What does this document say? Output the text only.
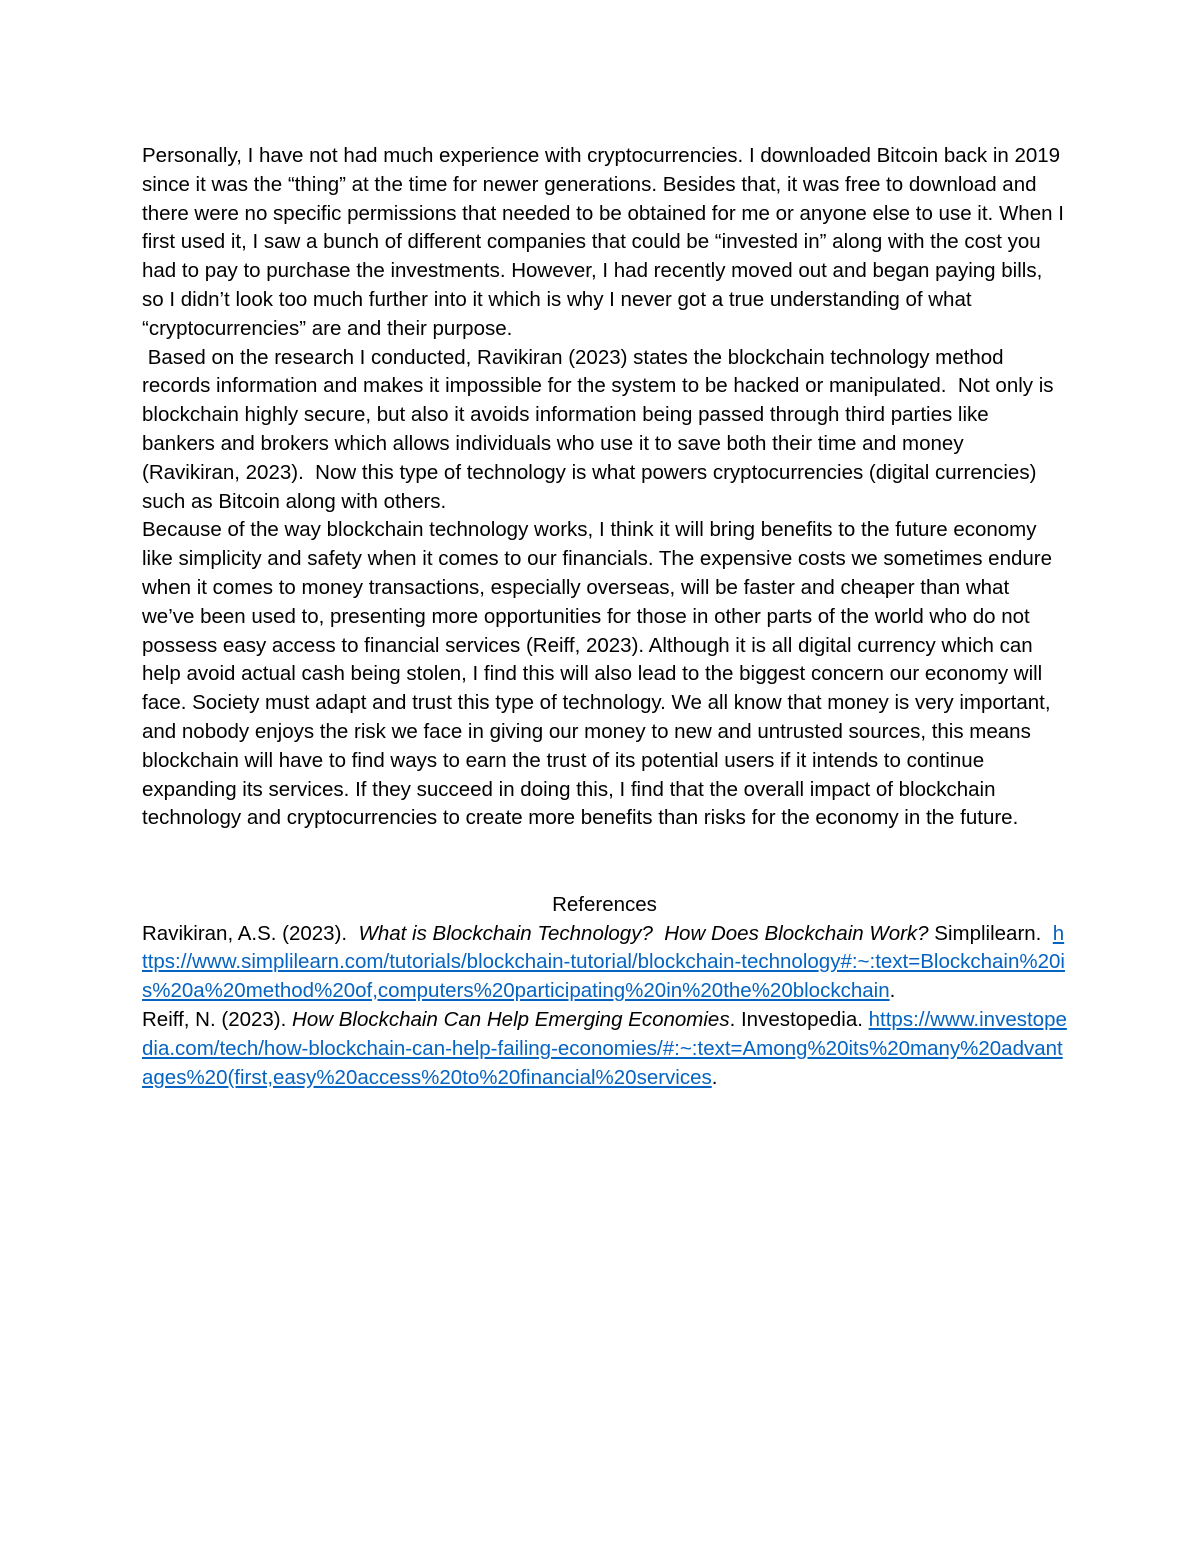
Personally, I have not had much experience with cryptocurrencies. I downloaded Bitcoin back in 2019 since it was the “thing” at the time for newer generations. Besides that, it was free to download and there were no specific permissions that needed to be obtained for me or anyone else to use it. When I first used it, I saw a bunch of different companies that could be “invested in” along with the cost you had to pay to purchase the investments. However, I had recently moved out and began paying bills, so I didn’t look too much further into it which is why I never got a true understanding of what “cryptocurrencies” are and their purpose.

Based on the research I conducted, Ravikiran (2023) states the blockchain technology method records information and makes it impossible for the system to be hacked or manipulated.  Not only is blockchain highly secure, but also it avoids information being passed through third parties like bankers and brokers which allows individuals who use it to save both their time and money (Ravikiran, 2023).  Now this type of technology is what powers cryptocurrencies (digital currencies) such as Bitcoin along with others.

Because of the way blockchain technology works, I think it will bring benefits to the future economy like simplicity and safety when it comes to our financials. The expensive costs we sometimes endure when it comes to money transactions, especially overseas, will be faster and cheaper than what we’ve been used to, presenting more opportunities for those in other parts of the world who do not possess easy access to financial services (Reiff, 2023). Although it is all digital currency which can help avoid actual cash being stolen, I find this will also lead to the biggest concern our economy will face. Society must adapt and trust this type of technology. We all know that money is very important, and nobody enjoys the risk we face in giving our money to new and untrusted sources, this means blockchain will have to find ways to earn the trust of its potential users if it intends to continue expanding its services. If they succeed in doing this, I find that the overall impact of blockchain technology and cryptocurrencies to create more benefits than risks for the economy in the future.

References

Ravikiran, A.S. (2023).  What is Blockchain Technology?  How Does Blockchain Work? Simplilearn.  https://www.simplilearn.com/tutorials/blockchain-tutorial/blockchain-technology#:~:text=Blockchain%20is%20a%20method%20of,computers%20participating%20in%20the%20blockchain.

Reiff, N. (2023). How Blockchain Can Help Emerging Economies. Investopedia. https://www.investopedia.com/tech/how-blockchain-can-help-failing-economies/#:~:text=Among%20its%20many%20advantages%20(first,easy%20access%20to%20financial%20services.
